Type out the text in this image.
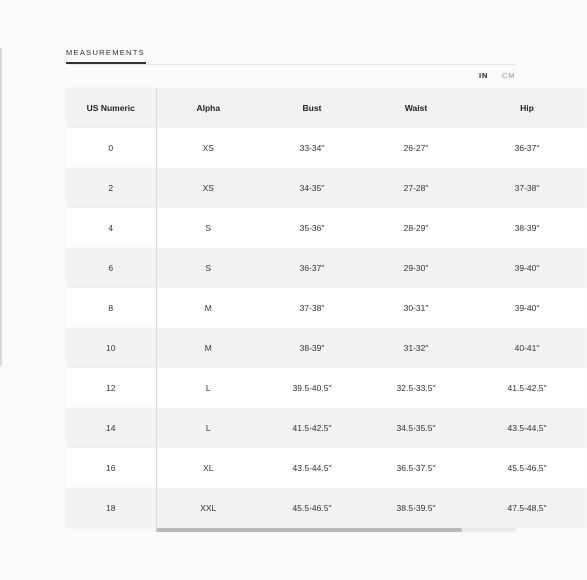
MEASUREMENTS
IN CM
US Numeric	Alpha	Bust	Waist	Hip
0	XS	33-34"	26-27"	36-37"
2	XS	34-35"	27-28"	37-38"
4	S	35-36"	28-29"	38-39"
6	S	36-37"	29-30"	39-40"
8	M	37-38"	30-31"	39-40"
10	M	38-39"	31-32"	40-41"
12	L	39.5-40.5"	32.5-33.5"	41.5-42.5"
14	L	41.5-42.5"	34.5-35.5"	43.5-44.5"
16	XL	43.5-44.5"	36.5-37.5"	45.5-46.5"
18	XXL	45.5-46.5"	38.5-39.5"	47.5-48.5"
